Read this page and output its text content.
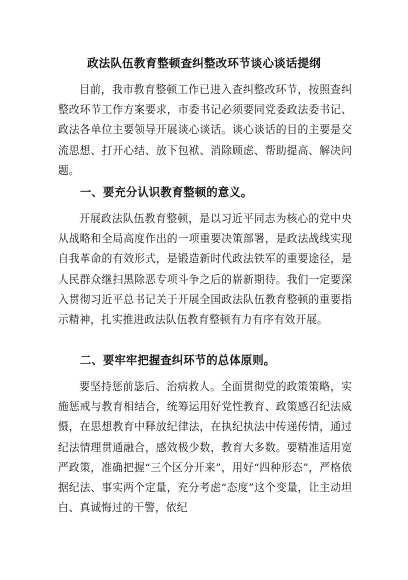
政法队伍教育整顿查纠整改环节谈心谈话提纲
目前，我市教育整顿工作已进入查纠整改环节，按照查纠整改环节工作方案要求，市委书记必须要同党委政法委书记、政法各单位主要领导开展谈心谈话。谈心谈话的目的主要是交流思想、打开心结、放下包袱、消除顾虑、帮助提高、解决问题。
一、要充分认识教育整顿的意义。
开展政法队伍教育整顿，是以习近平同志为核心的党中央从战略和全局高度作出的一项重要决策部署，是政法战线实现自我革命的有效形式，是锻造新时代政法铁军的重要途径，是人民群众继扫黑除恶专项斗争之后的崭新期待。我们一定要深入贯彻习近平总书记关于开展全国政法队伍教育整顿的重要指示精神，扎实推进政法队伍教育整顿有力有序有效开展。
二、要牢牢把握查纠环节的总体原则。
要坚持惩前毖后、治病救人。全面贯彻党的政策策略，实施惩戒与教育相结合，统筹运用好党性教育、政策感召纪法威慑，在思想教育中释放纪律法，在执纪执法中传递传情，通过纪法情理贯通融合，感效极少数，教育大多数。要精准适用宽严政策，准确把握“三个区分开来”，用好“四种形态”，严格依据纪法、事实两个定量，充分考虑“态度”这个变量，让主动坦白、真诚悔过的干警，依纪
